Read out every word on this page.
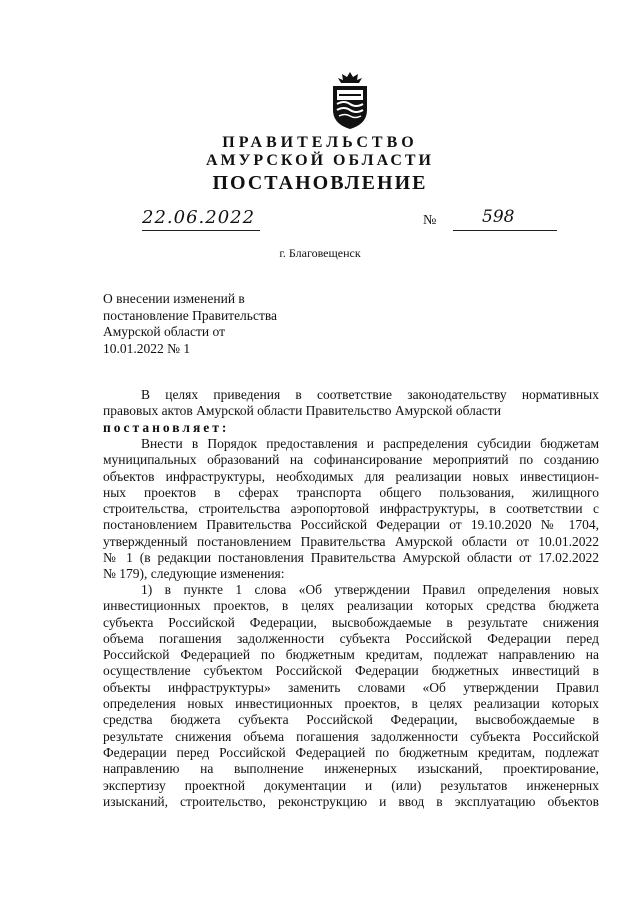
ПРАВИТЕЛЬСТВО
АМУРСКОЙ ОБЛАСТИ
ПОСТАНОВЛЕНИЕ
22.06.2022	№	598
г. Благовещенск
О внесении изменений в
постановление Правительства
Амурской области от
10.01.2022 № 1
В целях приведения в соответствие законодательству нормативных
правовых актов Амурской области Правительство Амурской области
постановляет:
Внести в Порядок предоставления и распределения субсидии бюджетам
муниципальных образований на софинансирование мероприятий по созданию
объектов инфраструктуры, необходимых для реализации новых инвестицион-
ных проектов в сферах транспорта общего пользования, жилищного
строительства, строительства аэропортовой инфраструктуры, в соответствии с
постановлением Правительства Российской Федерации от 19.10.2020 № 1704,
утвержденный постановлением Правительства Амурской области от 10.01.2022
№ 1 (в редакции постановления Правительства Амурской области от 17.02.2022
№ 179), следующие изменения:
1) в пункте 1 слова «Об утверждении Правил определения новых
инвестиционных проектов, в целях реализации которых средства бюджета
субъекта Российской Федерации, высвобождаемые в результате снижения
объема погашения задолженности субъекта Российской Федерации перед
Российской Федерацией по бюджетным кредитам, подлежат направлению на
осуществление субъектом Российской Федерации бюджетных инвестиций в
объекты инфраструктуры» заменить словами «Об утверждении Правил
определения новых инвестиционных проектов, в целях реализации которых
средства бюджета субъекта Российской Федерации, высвобождаемые в
результате снижения объема погашения задолженности субъекта Российской
Федерации перед Российской Федерацией по бюджетным кредитам, подлежат
направлению на выполнение инженерных изысканий, проектирование,
экспертизу проектной документации и (или) результатов инженерных
изысканий, строительство, реконструкцию и ввод в эксплуатацию объектов
